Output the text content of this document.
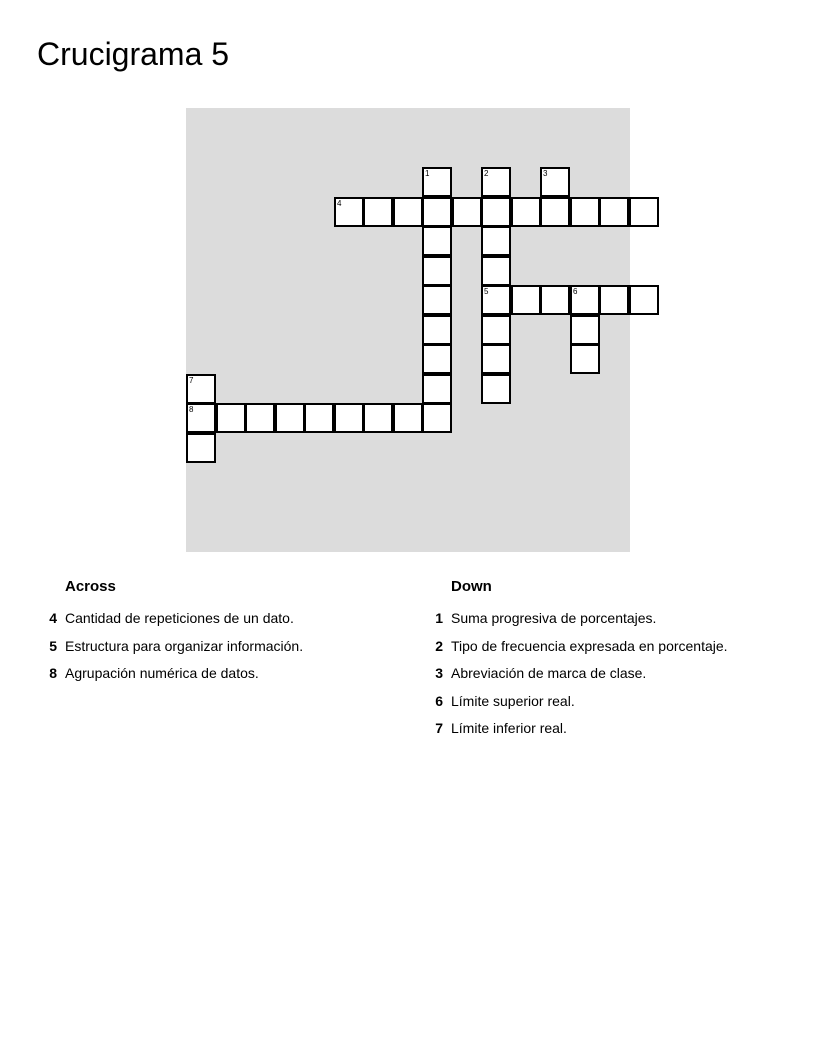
Crucigrama 5
1	2
5
3
4
6
7
8
Across	Down
4 Cantidad de repeticiones de un dato.
5 Estructura para organizar información.
8 Agrupación numérica de datos.
1 Suma progresiva de porcentajes.
2 Tipo de frecuencia expresada en porcentaje.
3 Abreviación de marca de clase.
6 Límite superior real.
7 Límite inferior real.
